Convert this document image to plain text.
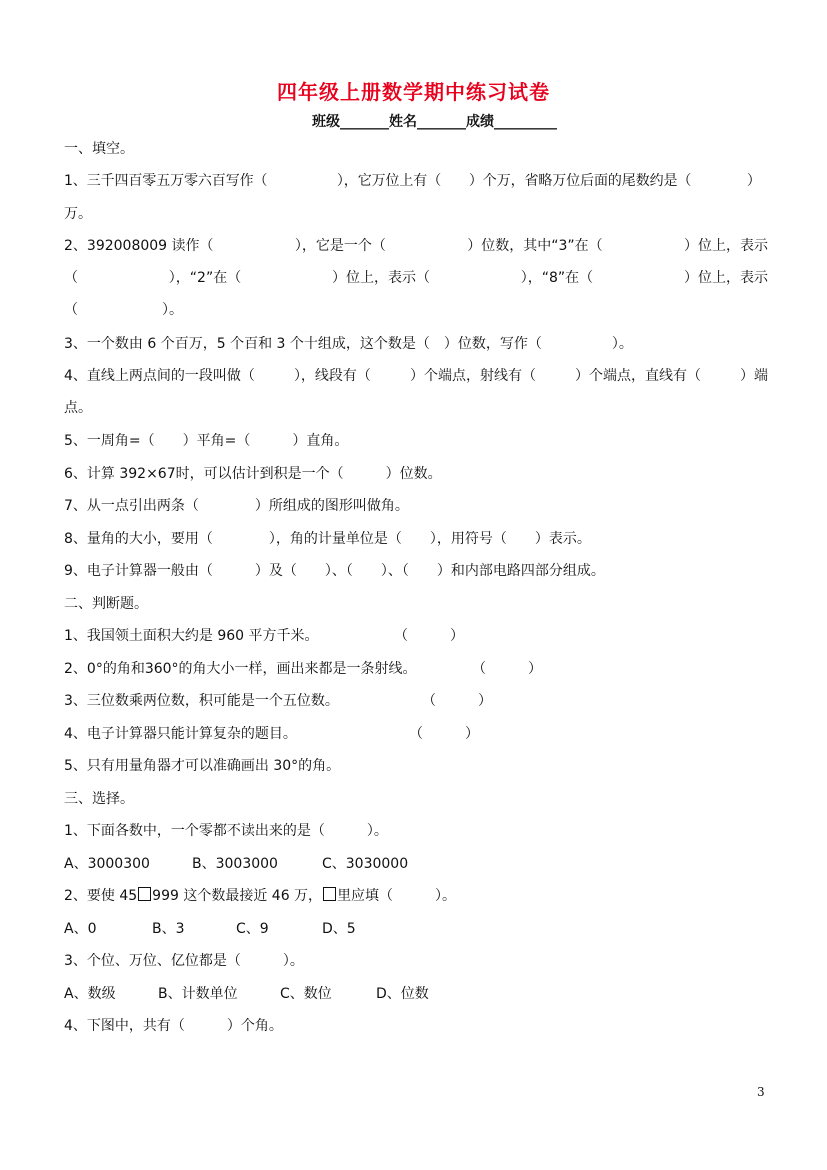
四年级上册数学期中练习试卷
班级_______姓名_______成绩_________
一、填空。
1、三千四百零五万零六百写作（　　　　　），它万位上有（　　）个万，省略万位后面的尾数约是（　　　　）
万。
2、392008009 读作（	），它是一个（	）位数，其中“3”在（	）位上，表示
（	），“2”在（	）位上，表示（	），“8”在（	）位上，表示
（　　　　　　）。
3、一个数由 6 个百万，5 个百和 3 个十组成，这个数是（　）位数，写作（　　　　　）。
4、直线上两点间的一段叫做（	），线段有（	）个端点，射线有（	）个端点，直线有（	）端
点。
5、一周角=（　　）平角=（　　　）直角。
6、计算 392×67时，可以估计到积是一个（　　　）位数。
7、从一点引出两条（　　　　）所组成的图形叫做角。
8、量角的大小，要用（　　　　），角的计量单位是（　　），用符号（　　）表示。
9、电子计算器一般由（　　　）及（　　）、（　　）、（　　）和内部电路四部分组成。
二、判断题。
1、我国领土面积大约是 960 平方千米。	（　　　）
2、0°的角和360°的角大小一样，画出来都是一条射线。	（　　　）
3、三位数乘两位数，积可能是一个五位数。	（　　　）
4、电子计算器只能计算复杂的题目。	（　　　）
5、只有用量角器才可以准确画出 30°的角。
三、选择。
1、下面各数中，一个零都不读出来的是（　　　）。
A、3000300	B、3003000	C、3030000
2、要使 45 999 这个数最接近 46 万， 里应填（　　　）。
A、0	B、3	C、9	D、5
3、个位、万位、亿位都是（　　　）。
A、数级	B、计数单位	C、数位	D、位数
4、下图中，共有（　　　）个角。
3
